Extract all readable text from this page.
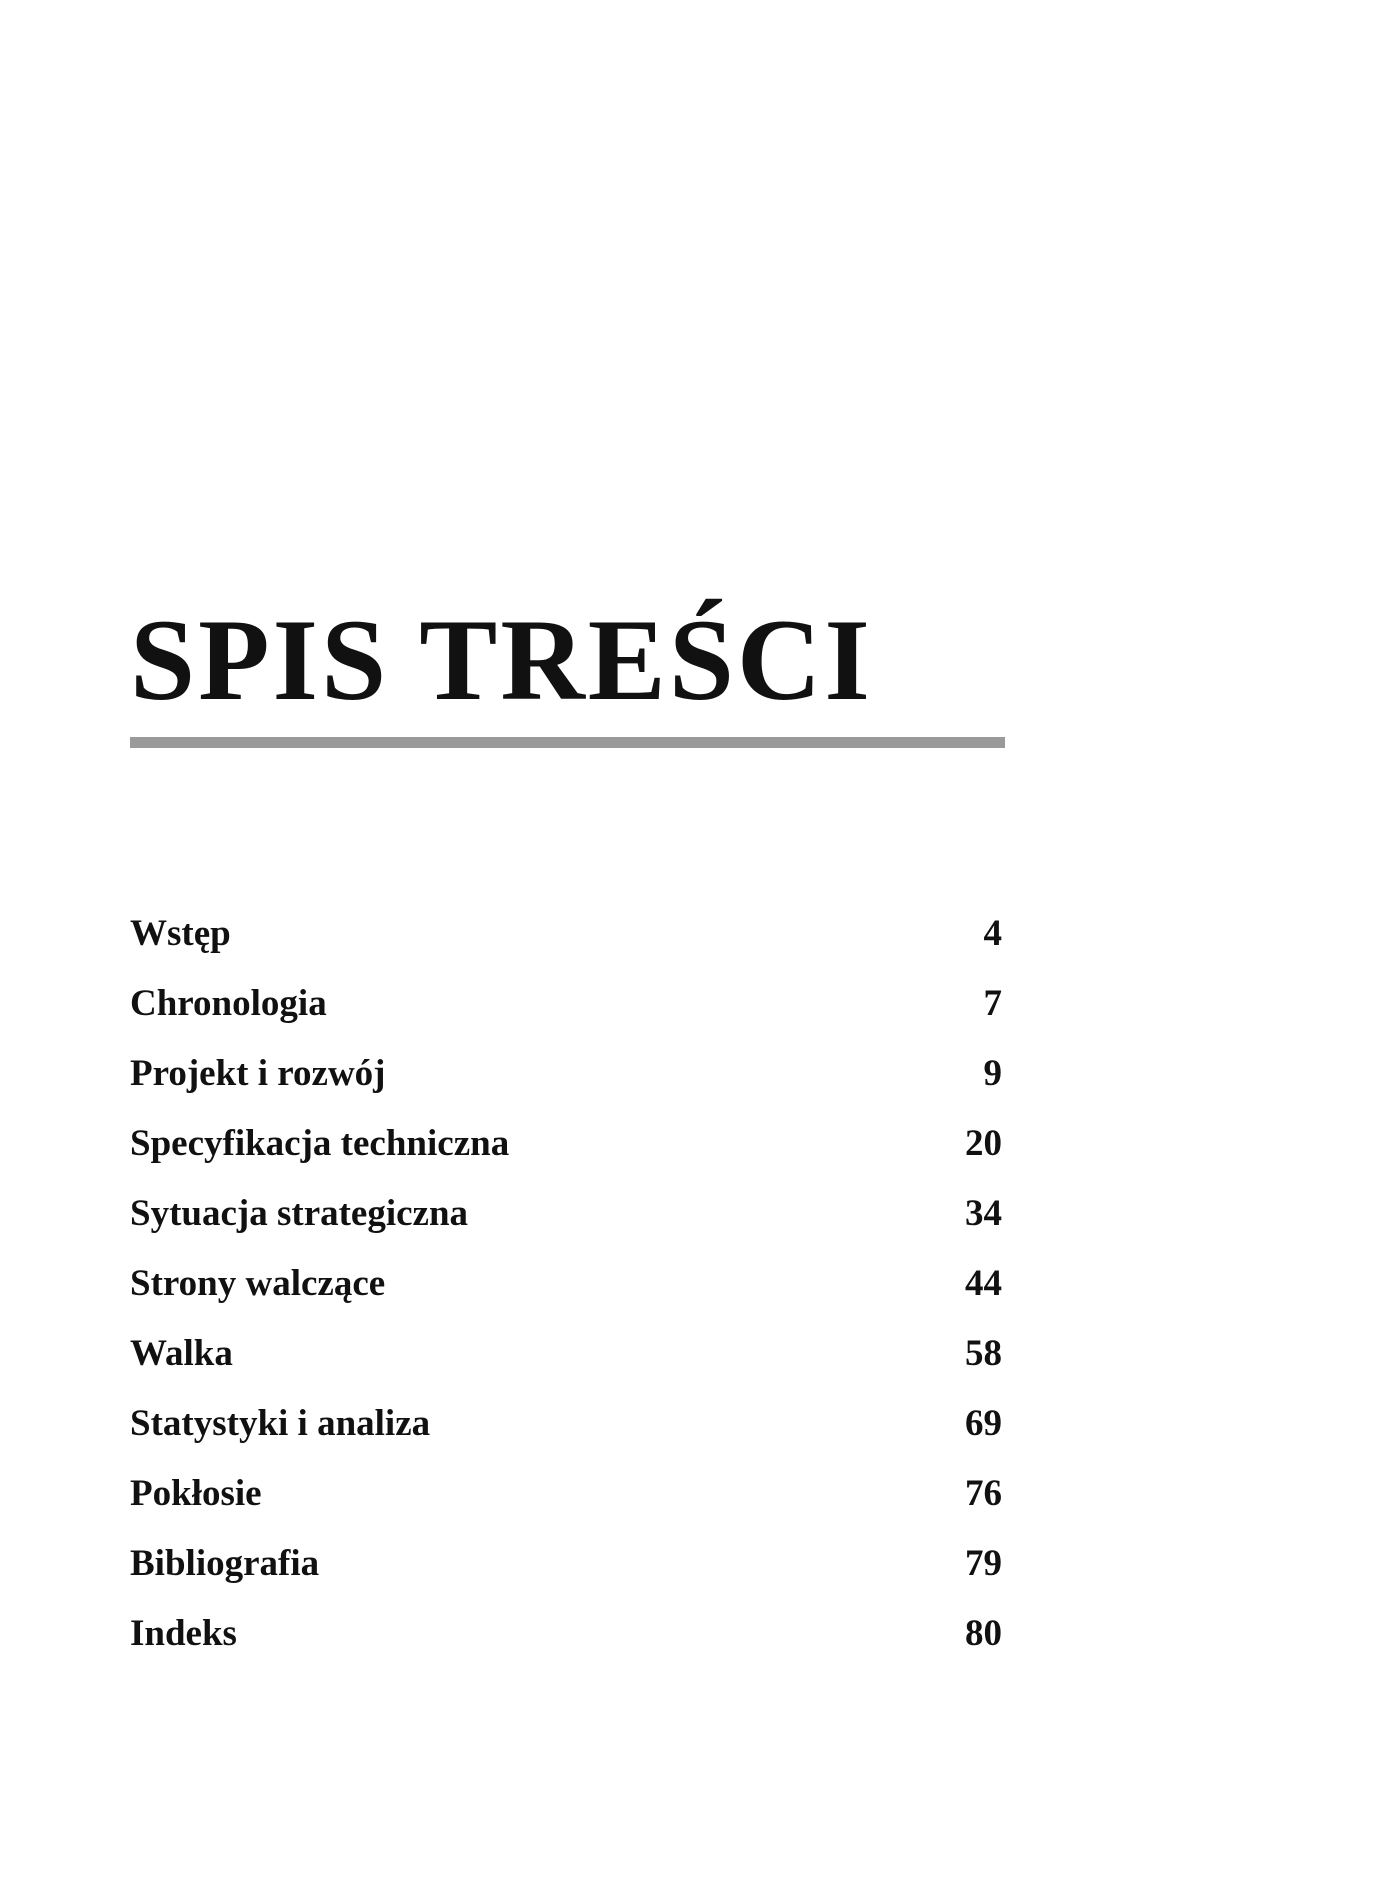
SPIS TREŚCI
Wstęp	4
Chronologia	7
Projekt i rozwój	9
Specyfikacja techniczna	20
Sytuacja strategiczna	34
Strony walczące	44
Walka	58
Statystyki i analiza	69
Pokłosie	76
Bibliografia	79
Indeks	80
